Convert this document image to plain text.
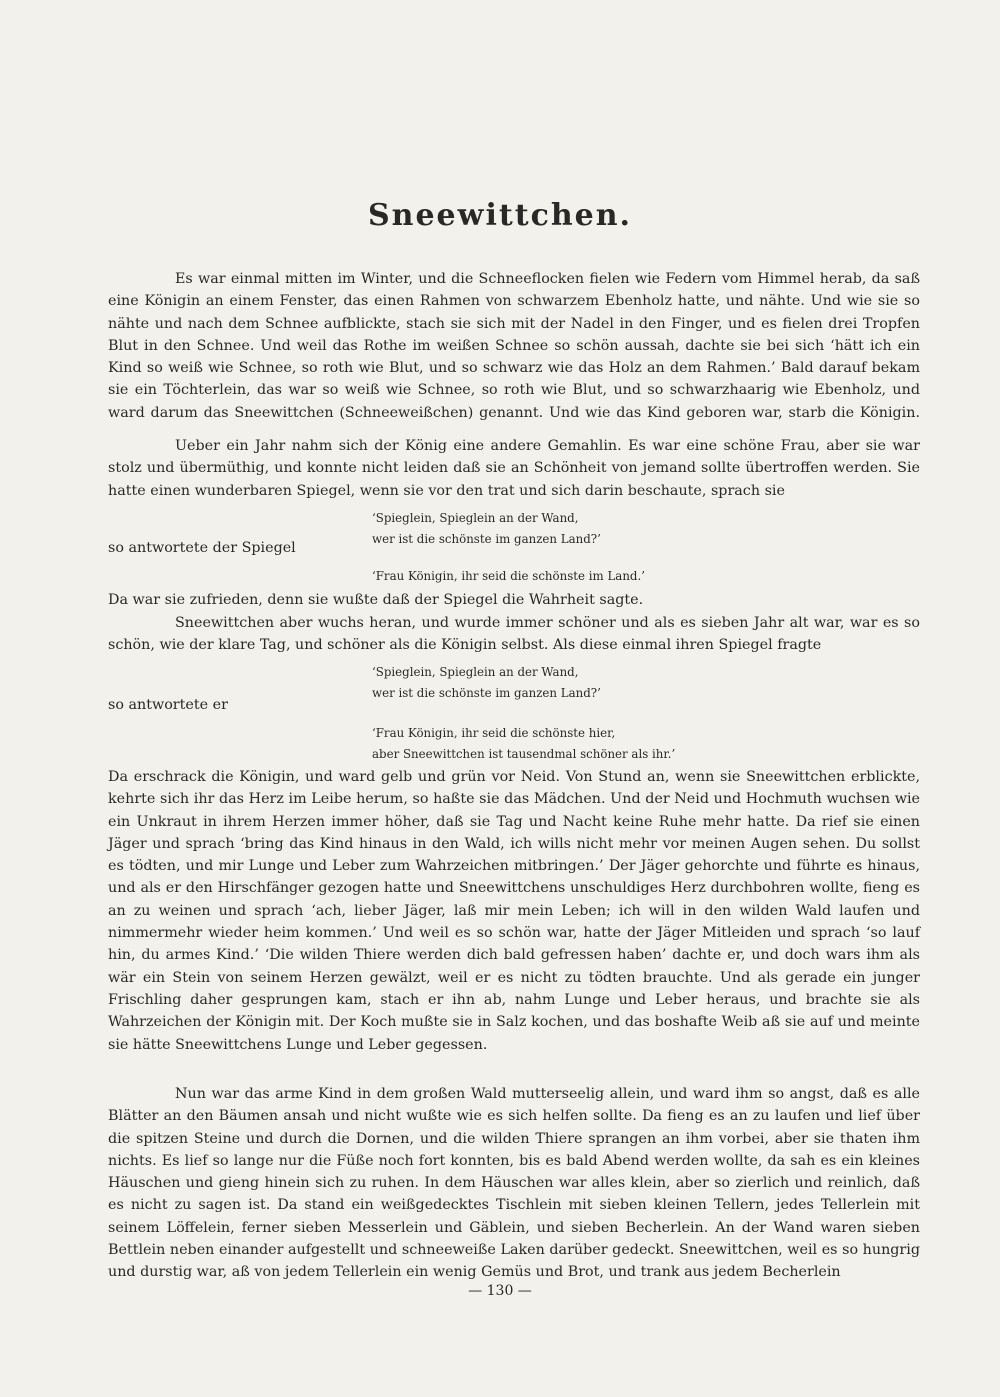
Sneewittchen.

Es war einmal mitten im Winter, und die Schneeflocken fielen wie Federn vom Himmel herab, da saß eine Königin an einem Fenster, das einen Rahmen von schwarzem Ebenholz hatte, und nähte. Und wie sie so nähte und nach dem Schnee aufblickte, stach sie sich mit der Nadel in den Finger, und es fielen drei Tropfen Blut in den Schnee. Und weil das Rothe im weißen Schnee so schön aussah, dachte sie bei sich ‘hätt ich ein Kind so weiß wie Schnee, so roth wie Blut, und so schwarz wie das Holz an dem Rahmen.’ Bald darauf bekam sie ein Töchterlein, das war so weiß wie Schnee, so roth wie Blut, und so schwarzhaarig wie Ebenholz, und ward darum das Sneewittchen (Schneeweißchen) genannt. Und wie das Kind geboren war, starb die Königin.

Ueber ein Jahr nahm sich der König eine andere Gemahlin. Es war eine schöne Frau, aber sie war stolz und übermüthig, und konnte nicht leiden daß sie an Schönheit von jemand sollte übertroffen werden. Sie hatte einen wunderbaren Spiegel, wenn sie vor den trat und sich darin beschaute, sprach sie

‘Spieglein, Spieglein an der Wand,
wer ist die schönste im ganzen Land?’

so antwortete der Spiegel

‘Frau Königin, ihr seid die schönste im Land.’

Da war sie zufrieden, denn sie wußte daß der Spiegel die Wahrheit sagte.

Sneewittchen aber wuchs heran, und wurde immer schöner und als es sieben Jahr alt war, war es so schön, wie der klare Tag, und schöner als die Königin selbst. Als diese einmal ihren Spiegel fragte

‘Spieglein, Spieglein an der Wand,
wer ist die schönste im ganzen Land?’

so antwortete er

‘Frau Königin, ihr seid die schönste hier,
aber Sneewittchen ist tausendmal schöner als ihr.’

Da erschrack die Königin, und ward gelb und grün vor Neid. Von Stund an, wenn sie Sneewittchen erblickte, kehrte sich ihr das Herz im Leibe herum, so haßte sie das Mädchen. Und der Neid und Hochmuth wuchsen wie ein Unkraut in ihrem Herzen immer höher, daß sie Tag und Nacht keine Ruhe mehr hatte. Da rief sie einen Jäger und sprach ‘bring das Kind hinaus in den Wald, ich wills nicht mehr vor meinen Augen sehen. Du sollst es tödten, und mir Lunge und Leber zum Wahrzeichen mitbringen.’ Der Jäger gehorchte und führte es hinaus, und als er den Hirschfänger gezogen hatte und Sneewittchens unschuldiges Herz durchbohren wollte, fieng es an zu weinen und sprach ‘ach, lieber Jäger, laß mir mein Leben; ich will in den wilden Wald laufen und nimmermehr wieder heim kommen.’ Und weil es so schön war, hatte der Jäger Mitleiden und sprach ‘so lauf hin, du armes Kind.’ ‘Die wilden Thiere werden dich bald gefressen haben’ dachte er, und doch wars ihm als wär ein Stein von seinem Herzen gewälzt, weil er es nicht zu tödten brauchte. Und als gerade ein junger Frischling daher gesprungen kam, stach er ihn ab, nahm Lunge und Leber heraus, und brachte sie als Wahrzeichen der Königin mit. Der Koch mußte sie in Salz kochen, und das boshafte Weib aß sie auf und meinte sie hätte Sneewittchens Lunge und Leber gegessen.

Nun war das arme Kind in dem großen Wald mutterseelig allein, und ward ihm so angst, daß es alle Blätter an den Bäumen ansah und nicht wußte wie es sich helfen sollte. Da fieng es an zu laufen und lief über die spitzen Steine und durch die Dornen, und die wilden Thiere sprangen an ihm vorbei, aber sie thaten ihm nichts. Es lief so lange nur die Füße noch fort konnten, bis es bald Abend werden wollte, da sah es ein kleines Häuschen und gieng hinein sich zu ruhen. In dem Häuschen war alles klein, aber so zierlich und reinlich, daß es nicht zu sagen ist. Da stand ein weißgedecktes Tischlein mit sieben kleinen Tellern, jedes Tellerlein mit seinem Löffelein, ferner sieben Messerlein und Gäblein, und sieben Becherlein. An der Wand waren sieben Bettlein neben einander aufgestellt und schneeweiße Laken darüber gedeckt. Sneewittchen, weil es so hungrig und durstig war, aß von jedem Tellerlein ein wenig Gemüs und Brot, und trank aus jedem Becherlein

— 130 —
